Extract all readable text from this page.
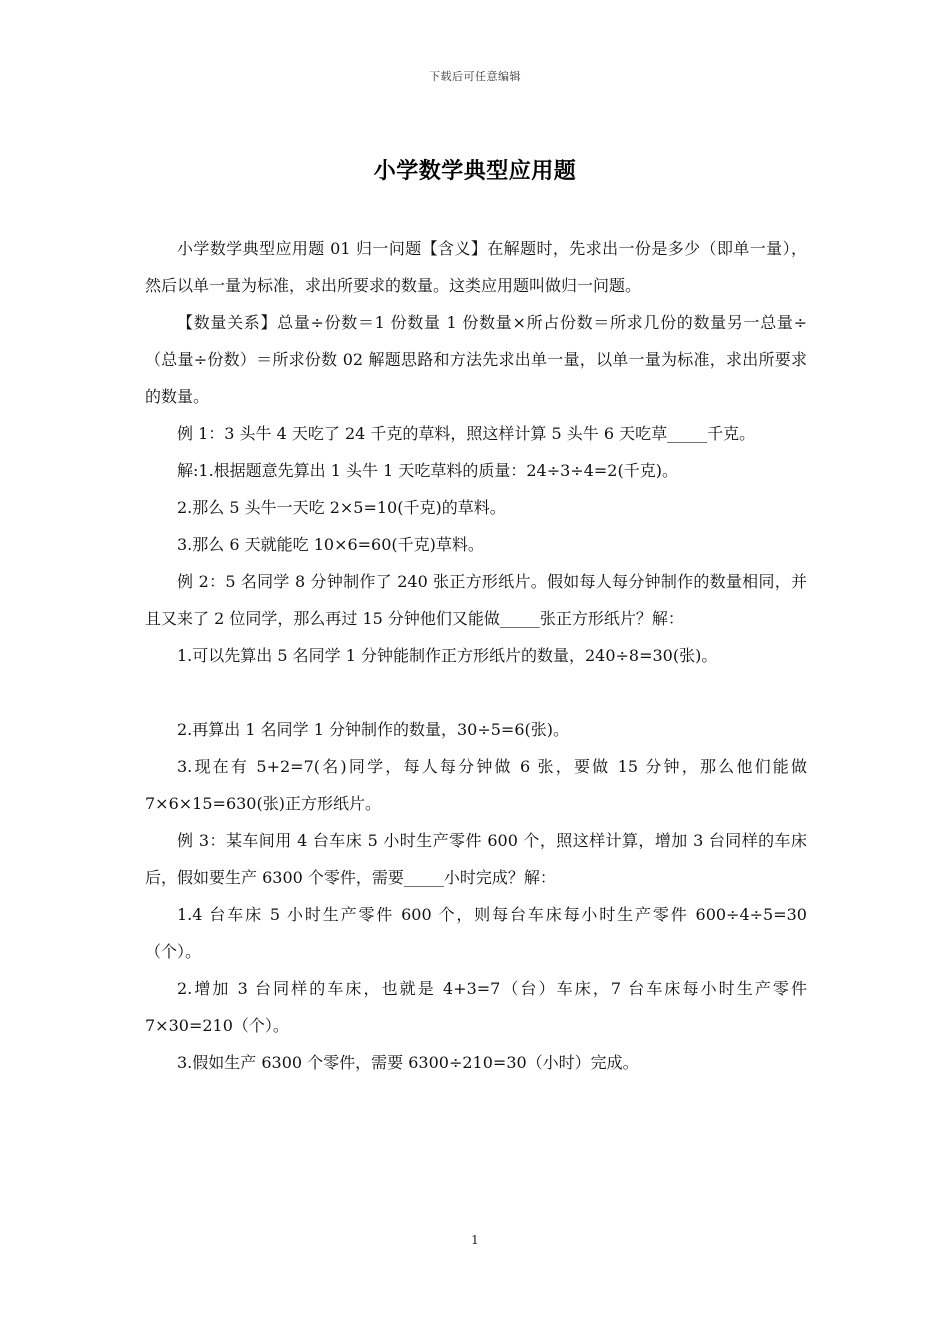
下载后可任意编辑
小学数学典型应用题

小学数学典型应用题 01 归一问题【含义】在解题时，先求出一份是多少（即单一量），然后以单一量为标准，求出所要求的数量。这类应用题叫做归一问题。

【数量关系】总量÷份数＝1 份数量 1 份数量×所占份数＝所求几份的数量另一总量÷（总量÷份数）＝所求份数 02 解题思路和方法先求出单一量，以单一量为标准，求出所要求的数量。

例 1：3 头牛 4 天吃了 24 千克的草料，照这样计算 5 头牛 6 天吃草_____千克。

解:1.根据题意先算出 1 头牛 1 天吃草料的质量：24÷3÷4=2(千克)。

2.那么 5 头牛一天吃 2×5=10(千克)的草料。

3.那么 6 天就能吃 10×6=60(千克)草料。

例 2：5 名同学 8 分钟制作了 240 张正方形纸片。假如每人每分钟制作的数量相同，并且又来了 2 位同学，那么再过 15 分钟他们又能做_____张正方形纸片？解：

1.可以先算出 5 名同学 1 分钟能制作正方形纸片的数量，240÷8=30(张)。

2.再算出 1 名同学 1 分钟制作的数量，30÷5=6(张)。

3.现在有 5+2=7(名)同学，每人每分钟做 6 张，要做 15 分钟，那么他们能做 7×6×15=630(张)正方形纸片。

例 3：某车间用 4 台车床 5 小时生产零件 600 个，照这样计算，增加 3 台同样的车床后，假如要生产 6300 个零件，需要_____小时完成？解：

1.4 台车床 5 小时生产零件 600 个，则每台车床每小时生产零件 600÷4÷5=30（个）。

2.增加 3 台同样的车床，也就是 4+3=7（台）车床，7 台车床每小时生产零件 7×30=210（个）。

3.假如生产 6300 个零件，需要 6300÷210=30（小时）完成。

1
